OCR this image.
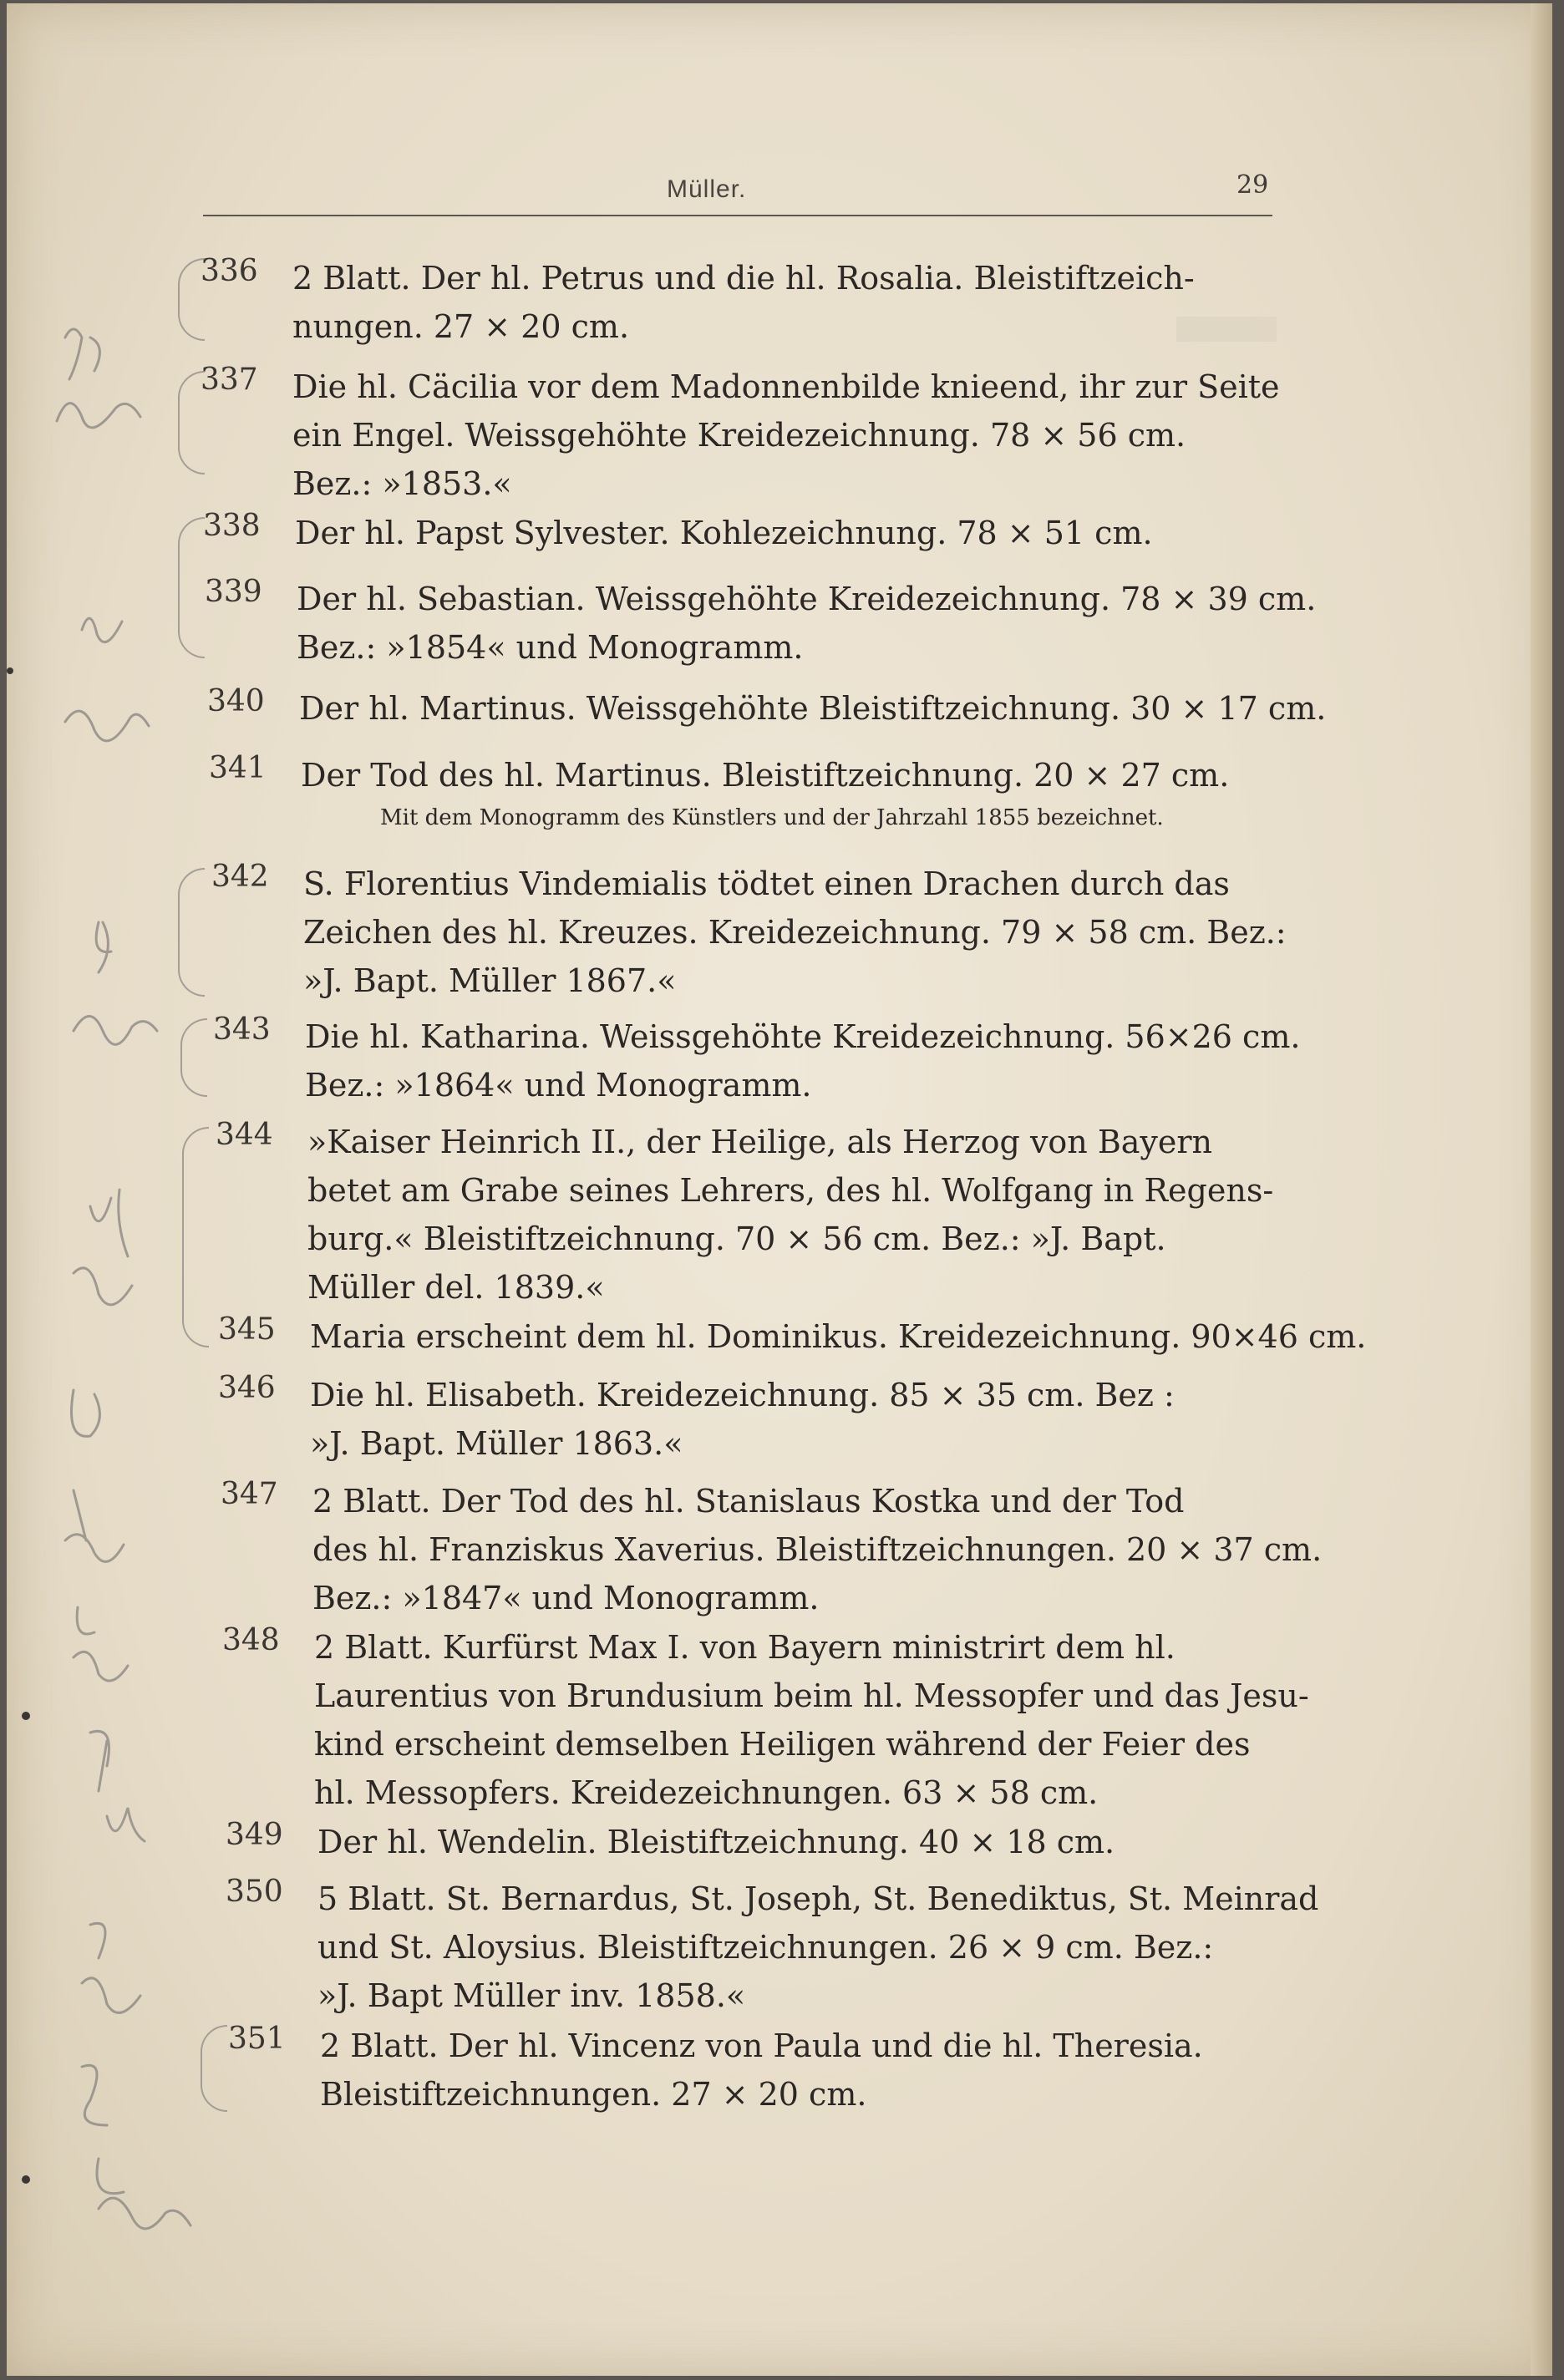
Müller.	29
336	2 Blatt. Der hl. Petrus und die hl. Rosalia. Bleistiftzeich-
nungen. 27 × 20 cm.
337	Die hl. Cäcilia vor dem Madonnenbilde knieend, ihr zur Seite
ein Engel. Weissgehöhte Kreidezeichnung. 78 × 56 cm.
Bez.: »1853.«
338	Der hl. Papst Sylvester. Kohlezeichnung. 78 × 51 cm.
339	Der hl. Sebastian. Weissgehöhte Kreidezeichnung. 78 × 39 cm.
Bez.: »1854« und Monogramm.
340	Der hl. Martinus. Weissgehöhte Bleistiftzeichnung. 30 × 17 cm.
341	Der Tod des hl. Martinus. Bleistiftzeichnung. 20 × 27 cm.
Mit dem Monogramm des Künstlers und der Jahrzahl 1855 bezeichnet.
342	S. Florentius Vindemialis tödtet einen Drachen durch das
Zeichen des hl. Kreuzes. Kreidezeichnung. 79 × 58 cm. Bez.:
»J. Bapt. Müller 1867.«
343	Die hl. Katharina. Weissgehöhte Kreidezeichnung. 56×26 cm.
Bez.: »1864« und Monogramm.
344	»Kaiser Heinrich II., der Heilige, als Herzog von Bayern
betet am Grabe seines Lehrers, des hl. Wolfgang in Regens-
burg.« Bleistiftzeichnung. 70 × 56 cm. Bez.: »J. Bapt.
Müller del. 1839.«
345	Maria erscheint dem hl. Dominikus. Kreidezeichnung. 90×46 cm.
346	Die hl. Elisabeth. Kreidezeichnung. 85 × 35 cm. Bez :
»J. Bapt. Müller 1863.«
347	2 Blatt. Der Tod des hl. Stanislaus Kostka und der Tod
des hl. Franziskus Xaverius. Bleistiftzeichnungen. 20 × 37 cm.
Bez.: »1847« und Monogramm.
348	2 Blatt. Kurfürst Max I. von Bayern ministrirt dem hl.
Laurentius von Brundusium beim hl. Messopfer und das Jesu-
kind erscheint demselben Heiligen während der Feier des
hl. Messopfers. Kreidezeichnungen. 63 × 58 cm.
349	Der hl. Wendelin. Bleistiftzeichnung. 40 × 18 cm.
350	5 Blatt. St. Bernardus, St. Joseph, St. Benediktus, St. Meinrad
und St. Aloysius. Bleistiftzeichnungen. 26 × 9 cm. Bez.:
»J. Bapt Müller inv. 1858.«
351	2 Blatt. Der hl. Vincenz von Paula und die hl. Theresia.
Bleistiftzeichnungen. 27 × 20 cm.
